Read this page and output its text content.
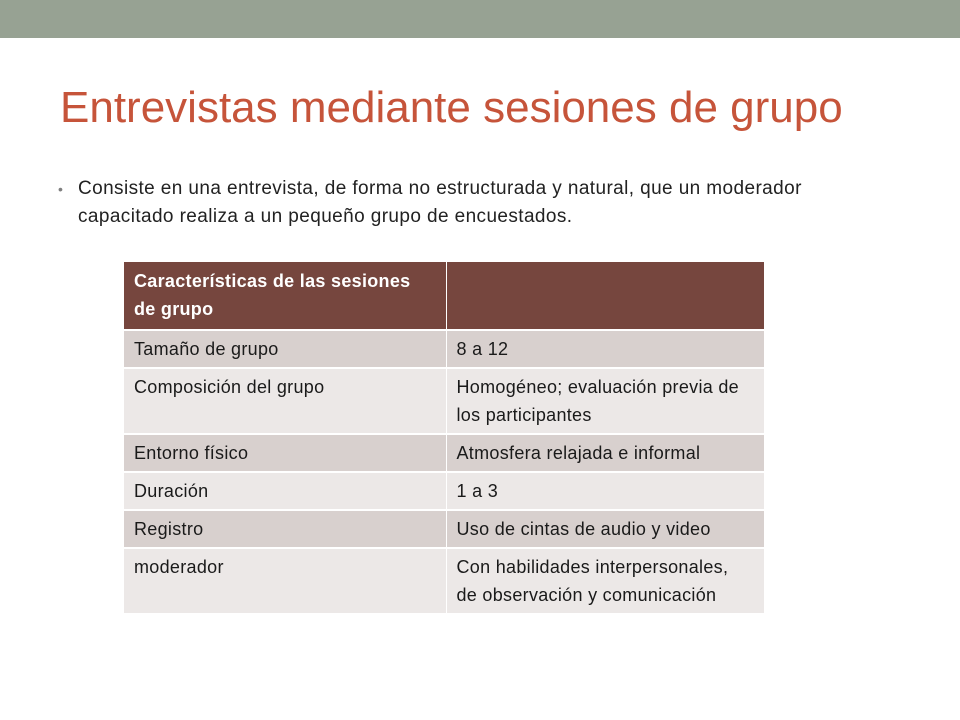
Entrevistas mediante sesiones de grupo
• Consiste en una entrevista, de forma no estructurada y natural, que un moderador capacitado realiza a un pequeño grupo de encuestados.
Características de las sesiones de grupo	
Tamaño de grupo	8 a 12
Composición del grupo	Homogéneo; evaluación previa de los participantes
Entorno físico	Atmosfera relajada e informal
Duración	1 a 3
Registro	Uso de cintas de audio y video
moderador	Con habilidades interpersonales, de observación y comunicación
